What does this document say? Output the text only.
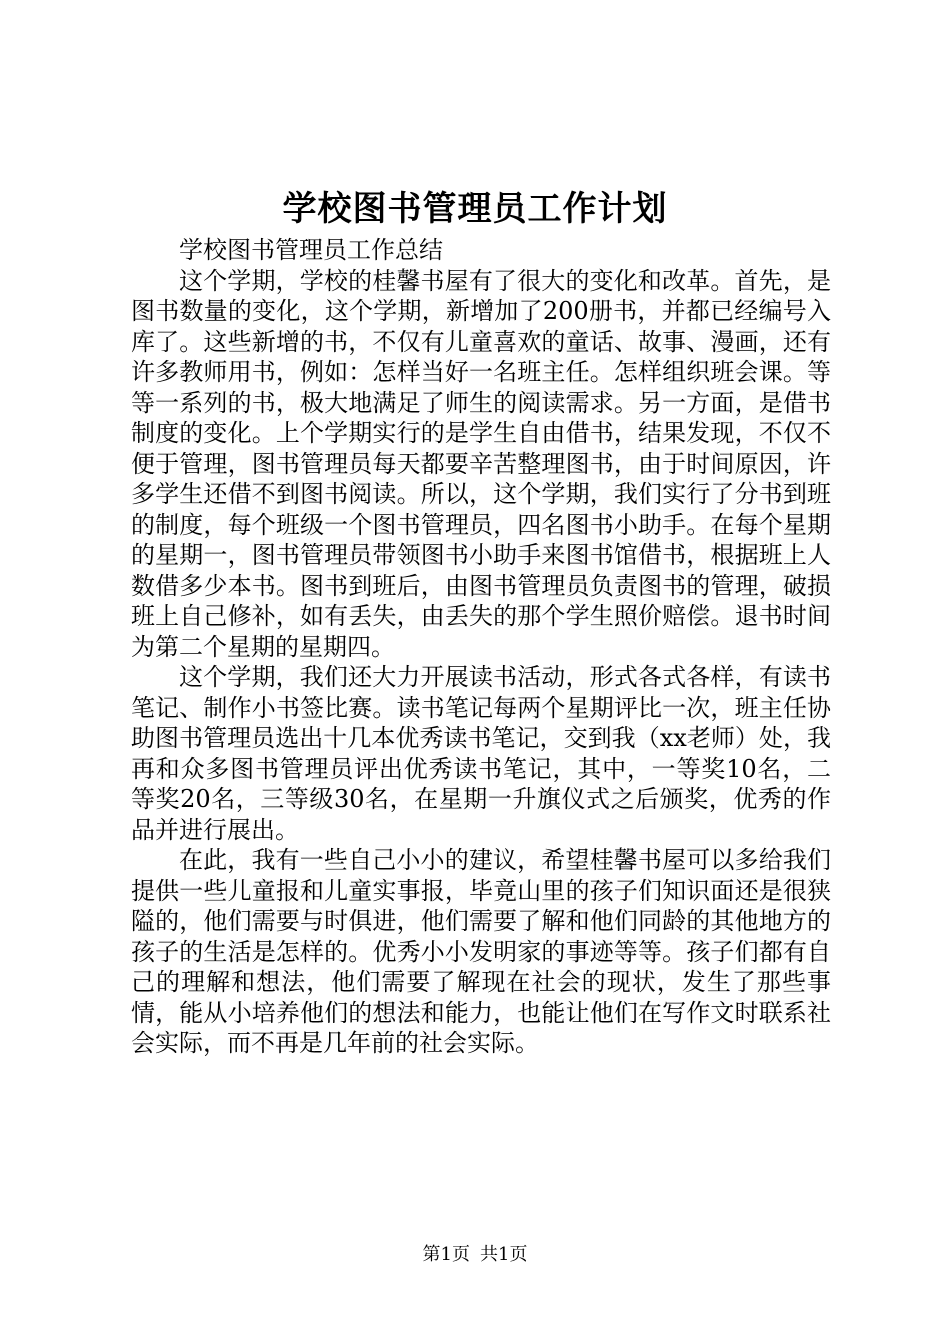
学校图书管理员工作计划

学校图书管理员工作总结

这个学期，学校的桂馨书屋有了很大的变化和改革。首先，是图书数量的变化，这个学期，新增加了200册书，并都已经编号入库了。这些新增的书，不仅有儿童喜欢的童话、故事、漫画，还有许多教师用书，例如：怎样当好一名班主任。怎样组织班会课。等等一系列的书，极大地满足了师生的阅读需求。另一方面，是借书制度的变化。上个学期实行的是学生自由借书，结果发现，不仅不便于管理，图书管理员每天都要辛苦整理图书，由于时间原因，许多学生还借不到图书阅读。所以，这个学期，我们实行了分书到班的制度，每个班级一个图书管理员，四名图书小助手。在每个星期的星期一，图书管理员带领图书小助手来图书馆借书，根据班上人数借多少本书。图书到班后，由图书管理员负责图书的管理，破损班上自己修补，如有丢失，由丢失的那个学生照价赔偿。退书时间为第二个星期的星期四。

这个学期，我们还大力开展读书活动，形式各式各样，有读书笔记、制作小书签比赛。读书笔记每两个星期评比一次，班主任协助图书管理员选出十几本优秀读书笔记，交到我（xx老师）处，我再和众多图书管理员评出优秀读书笔记，其中，一等奖10名，二等奖20名，三等级30名，在星期一升旗仪式之后颁奖，优秀的作品并进行展出。

在此，我有一些自己小小的建议，希望桂馨书屋可以多给我们提供一些儿童报和儿童实事报，毕竟山里的孩子们知识面还是很狭隘的，他们需要与时俱进，他们需要了解和他们同龄的其他地方的孩子的生活是怎样的。优秀小小发明家的事迹等等。孩子们都有自己的理解和想法，他们需要了解现在社会的现状，发生了那些事情，能从小培养他们的想法和能力，也能让他们在写作文时联系社会实际，而不再是几年前的社会实际。

第1页 共1页
